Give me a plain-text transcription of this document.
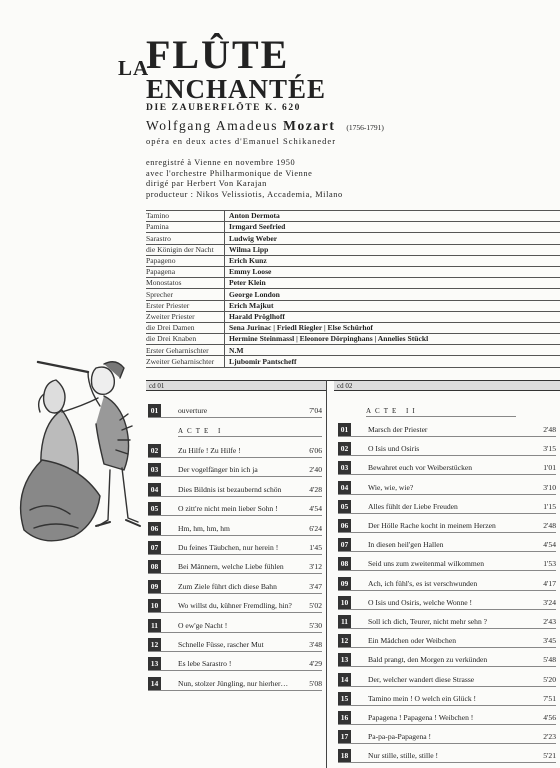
LA
FLÛTE
ENCHANTÉE
DIE ZAUBERFLÖTE K. 620
Wolfgang Amadeus Mozart (1756-1791)
opéra en deux actes d'Emanuel Schikaneder
enregistré à Vienne en novembre 1950
avec l'orchestre Philharmonique de Vienne
dirigé par Herbert Von Karajan
producteur : Nikos Velissiotis, Accademia, Milano
Tamino	Anton Dermota
Pamina	Irmgard Seefried
Sarastro	Ludwig Weber
die Königin der Nacht	Wilma Lipp
Papageno	Erich Kunz
Papagena	Emmy Loose
Monostatos	Peter Klein
Sprecher	George London
Erster Priester	Erich Majkut
Zweiter Priester	Harald Pröglhoff
die Drei Damen	Sena Jurinac | Friedl Riegler | Else Schürhof
die Drei Knaben	Hermine Steinmassl | Eleonore Dörpinghans | Annelies Stückl
Erster Geharnischter	N.M
Zweiter Geharnischter	Ljubomir Pantscheff
cd 01	cd 02
01	ouverture	7'04
ACTE I
02	Zu Hilfe ! Zu Hilfe !	6'06
03	Der vogelfänger bin ich ja	2'40
04	Dies Bildnis ist bezaubernd schön	4'28
05	O zitt're nicht mein lieber Sohn !	4'54
06	Hm, hm, hm, hm	6'24
07	Du feines Täubchen, nur herein !	1'45
08	Bei Männern, welche Liebe fühlen	3'12
09	Zum Ziele führt dich diese Bahn	3'47
10	Wo willst du, kühner Fremdling, hin? 5'02
11	O ew'ge Nacht !	5'30
12	Schnelle Füsse, rascher Mut	3'48
13	Es lebe Sarastro !	4'29
14	Nun, stolzer Jüngling, nur hierher…	5'08
ACTE II
01	Marsch der Priester	2'48
02	O Isis und Osiris	3'15
03	Bewahret euch vor Weiberstücken	1'01
04	Wie, wie, wie?	3'10
05	Alles fühlt der Liebe Freuden	1'15
06	Der Hölle Rache kocht in meinem Herzen	2'48
07	In diesen heil'gen Hallen	4'54
08	Seid uns zum zweitenmal wilkommen	1'53
09	Ach, ich fühl's, es ist verschwunden	4'17
10	O Isis und Osiris, welche Wonne !	3'24
11	Soll ich dich, Teurer, nicht mehr sehn ?	2'43
12	Ein Mädchen oder Weibchen	3'45
13	Bald prangt, den Morgen zu verkünden	5'48
14	Der, welcher wandert diese Strasse	5'20
15	Tamino mein ! O welch ein Glück !	7'51
16	Papagena ! Papagena ! Weibchen !	4'56
17	Pa-pa-pa-Papagena !	2'23
18	Nur stille, stille, stille !	5'21
